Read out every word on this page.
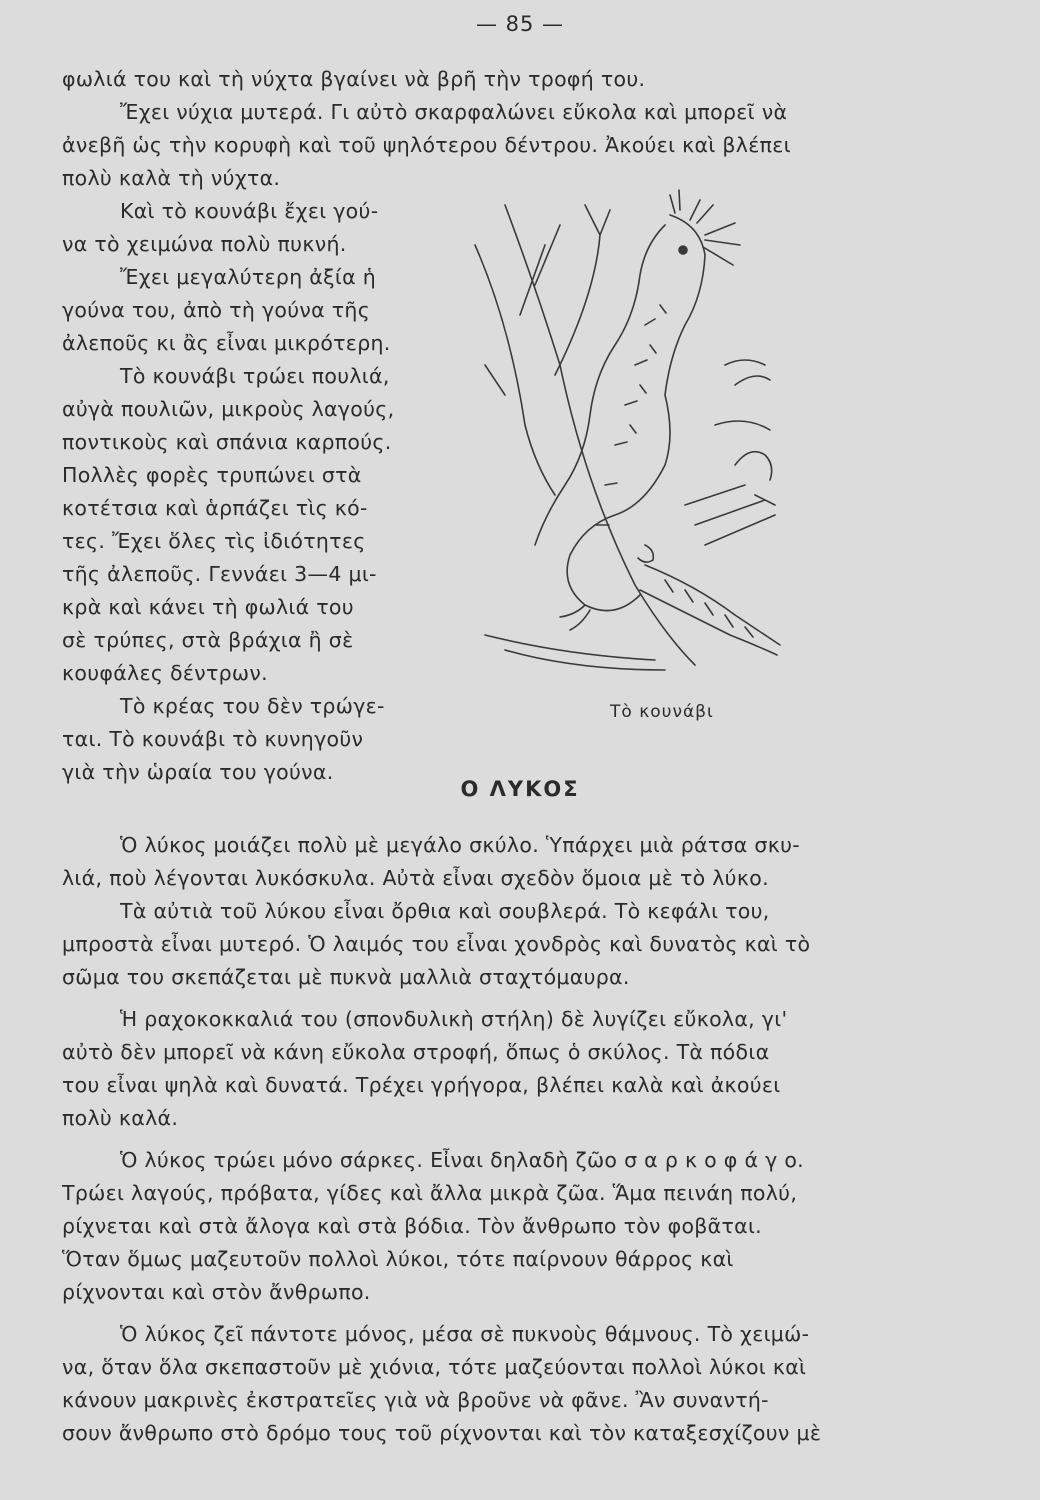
— 85 —

φωλιά του καὶ τὴ νύχτα βγαίνει νὰ βρῆ τὴν τροφή του.

Ἔχει νύχια μυτερά. Γι αὐτὸ σκαρφαλώνει εὔκολα καὶ μπορεῖ νὰ

ἀνεβῆ ὡς τὴν κορυφὴ καὶ τοῦ ψηλότερου δέντρου. Ἀκούει καὶ βλέπει

πολὺ καλὰ τὴ νύχτα.

Καὶ τὸ κουνάβι ἔχει γού-

να τὸ χειμώνα πολὺ πυκνή.

Ἔχει μεγαλύτερη ἀξία ἡ

γούνα του, ἀπὸ τὴ γούνα τῆς

ἀλεποῦς κι ἂς εἶναι μικρότερη.

Τὸ κουνάβι τρώει πουλιά,

αὐγὰ πουλιῶν, μικροὺς λαγούς,

ποντικοὺς καὶ σπάνια καρπούς.

Πολλὲς φορὲς τρυπώνει στὰ

κοτέτσια καὶ ἁρπάζει τὶς κό-

τες. Ἔχει ὅλες τὶς ἰδιότητες

τῆς ἀλεποῦς. Γεννάει 3—4 μι-

κρὰ καὶ κάνει τὴ φωλιά του

σὲ τρύπες, στὰ βράχια ἢ σὲ

κουφάλες δέντρων.

Τὸ κρέας του δὲν τρώγε-

ται. Τὸ κουνάβι τὸ κυνηγοῦν

γιὰ τὴν ὡραία του γούνα.

Τὸ κουνάβι

Ο ΛΥΚΟΣ

Ὁ λύκος μοιάζει πολὺ μὲ μεγάλο σκύλο. Ὑπάρχει μιὰ ράτσα σκυ-

λιά, ποὺ λέγονται λυκόσκυλα. Αὐτὰ εἶναι σχεδὸν ὅμοια μὲ τὸ λύκο.

Τὰ αὐτιὰ τοῦ λύκου εἶναι ὄρθια καὶ σουβλερά. Τὸ κεφάλι του,

μπροστὰ εἶναι μυτερό. Ὁ λαιμός του εἶναι χονδρὸς καὶ δυνατὸς καὶ τὸ

σῶμα του σκεπάζεται μὲ πυκνὰ μαλλιὰ σταχτόμαυρα.

Ἡ ραχοκοκκαλιά του (σπονδυλικὴ στήλη) δὲ λυγίζει εὔκολα, γι'

αὐτὸ δὲν μπορεῖ νὰ κάνη εὔκολα στροφή, ὅπως ὁ σκύλος. Τὰ πόδια

του εἶναι ψηλὰ καὶ δυνατά. Τρέχει γρήγορα, βλέπει καλὰ καὶ ἀκούει

πολὺ καλά.

Ὁ λύκος τρώει μόνο σάρκες. Εἶναι δηλαδὴ ζῶο σ α ρ κ ο φ ά γ ο.

Τρώει λαγούς, πρόβατα, γίδες καὶ ἄλλα μικρὰ ζῶα. Ἅμα πεινάη πολύ,

ρίχνεται καὶ στὰ ἄλογα καὶ στὰ βόδια. Τὸν ἄνθρωπο τὸν φοβᾶται.

Ὅταν ὅμως μαζευτοῦν πολλοὶ λύκοι, τότε παίρνουν θάρρος καὶ

ρίχνονται καὶ στὸν ἄνθρωπο.

Ὁ λύκος ζεῖ πάντοτε μόνος, μέσα σὲ πυκνοὺς θάμνους. Τὸ χειμώ-

να, ὅταν ὅλα σκεπαστοῦν μὲ χιόνια, τότε μαζεύονται πολλοὶ λύκοι καὶ

κάνουν μακρινὲς ἐκστρατεῖες γιὰ νὰ βροῦνε νὰ φᾶνε. Ἂν συναντή-

σουν ἄνθρωπο στὸ δρόμο τους τοῦ ρίχνονται καὶ τὸν καταξεσχίζουν μὲ
